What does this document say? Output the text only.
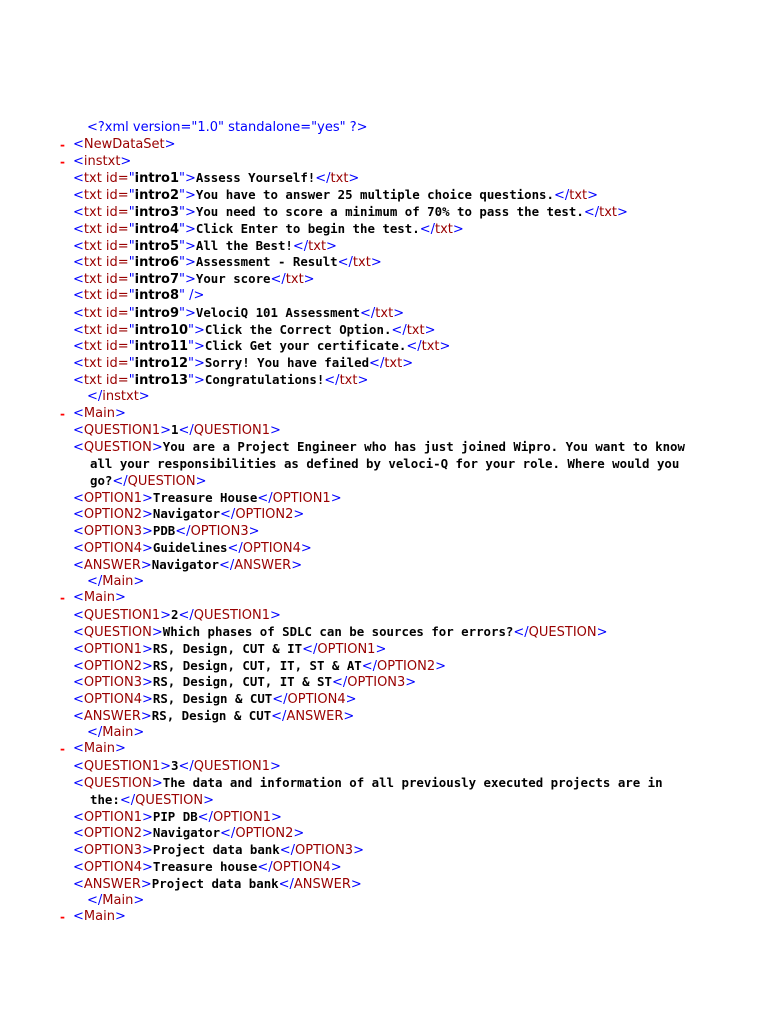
<?xml version="1.0" standalone="yes" ?>
- <NewDataSet>
- <instxt>
<txt id="intro1">Assess Yourself!</txt>
<txt id="intro2">You have to answer 25 multiple choice questions.</txt>
<txt id="intro3">You need to score a minimum of 70% to pass the test.</txt>
<txt id="intro4">Click Enter to begin the test.</txt>
<txt id="intro5">All the Best!</txt>
<txt id="intro6">Assessment - Result</txt>
<txt id="intro7">Your score</txt>
<txt id="intro8" />
<txt id="intro9">VelociQ 101 Assessment</txt>
<txt id="intro10">Click the Correct Option.</txt>
<txt id="intro11">Click Get your certificate.</txt>
<txt id="intro12">Sorry! You have failed</txt>
<txt id="intro13">Congratulations!</txt>
</instxt>
- <Main>
<QUESTION1>1</QUESTION1>
<QUESTION>You are a Project Engineer who has just joined Wipro. You want to know
all your responsibilities as defined by veloci-Q for your role. Where would you
go?</QUESTION>
<OPTION1>Treasure House</OPTION1>
<OPTION2>Navigator</OPTION2>
<OPTION3>PDB</OPTION3>
<OPTION4>Guidelines</OPTION4>
<ANSWER>Navigator</ANSWER>
</Main>
- <Main>
<QUESTION1>2</QUESTION1>
<QUESTION>Which phases of SDLC can be sources for errors?</QUESTION>
<OPTION1>RS, Design, CUT & IT</OPTION1>
<OPTION2>RS, Design, CUT, IT, ST & AT</OPTION2>
<OPTION3>RS, Design, CUT, IT & ST</OPTION3>
<OPTION4>RS, Design & CUT</OPTION4>
<ANSWER>RS, Design & CUT</ANSWER>
</Main>
- <Main>
<QUESTION1>3</QUESTION1>
<QUESTION>The data and information of all previously executed projects are in
the:</QUESTION>
<OPTION1>PIP DB</OPTION1>
<OPTION2>Navigator</OPTION2>
<OPTION3>Project data bank</OPTION3>
<OPTION4>Treasure house</OPTION4>
<ANSWER>Project data bank</ANSWER>
</Main>
- <Main>
